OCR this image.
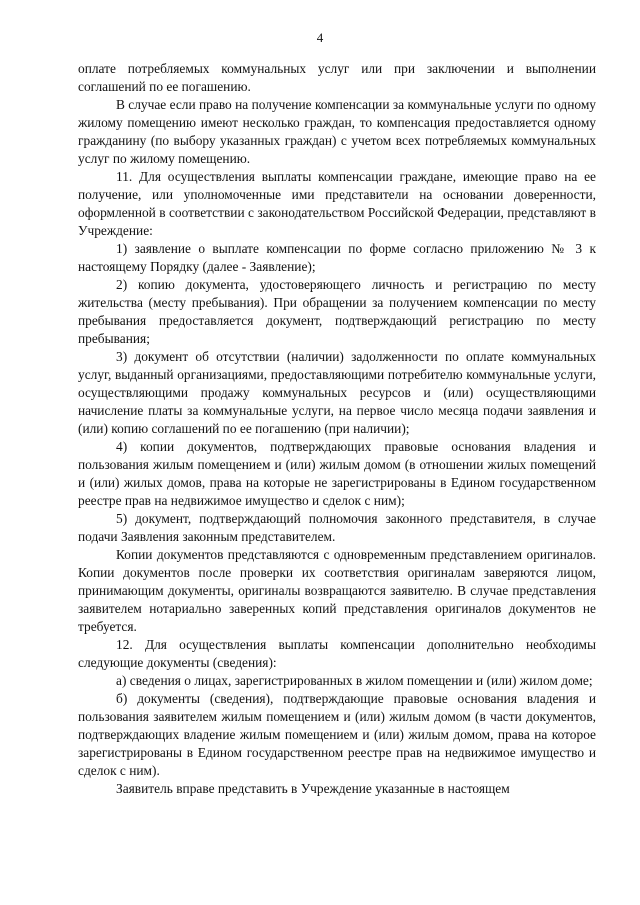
4

оплате потребляемых коммунальных услуг или при заключении и выполнении соглашений по ее погашению.

В случае если право на получение компенсации за коммунальные услуги по одному жилому помещению имеют несколько граждан, то компенсация предоставляется одному гражданину (по выбору указанных граждан) с учетом всех потребляемых коммунальных услуг по жилому помещению.

11. Для осуществления выплаты компенсации граждане, имеющие право на ее получение, или уполномоченные ими представители на основании доверенности, оформленной в соответствии с законодательством Российской Федерации, представляют в Учреждение:

1) заявление о выплате компенсации по форме согласно приложению № 3 к настоящему Порядку (далее - Заявление);

2) копию документа, удостоверяющего личность и регистрацию по месту жительства (месту пребывания). При обращении за получением компенсации по месту пребывания предоставляется документ, подтверждающий регистрацию по месту пребывания;

3) документ об отсутствии (наличии) задолженности по оплате коммунальных услуг, выданный организациями, предоставляющими потребителю коммунальные услуги, осуществляющими продажу коммунальных ресурсов и (или) осуществляющими начисление платы за коммунальные услуги, на первое число месяца подачи заявления и (или) копию соглашений по ее погашению (при наличии);

4) копии документов, подтверждающих правовые основания владения и пользования жилым помещением и (или) жилым домом (в отношении жилых помещений и (или) жилых домов, права на которые не зарегистрированы в Едином государственном реестре прав на недвижимое имущество и сделок с ним);

5) документ, подтверждающий полномочия законного представителя, в случае подачи Заявления законным представителем.

Копии документов представляются с одновременным представлением оригиналов. Копии документов после проверки их соответствия оригиналам заверяются лицом, принимающим документы, оригиналы возвращаются заявителю. В случае представления заявителем нотариально заверенных копий представления оригиналов документов не требуется.

12. Для осуществления выплаты компенсации дополнительно необходимы следующие документы (сведения):

а) сведения о лицах, зарегистрированных в жилом помещении и (или) жилом доме;

б) документы (сведения), подтверждающие правовые основания владения и пользования заявителем жилым помещением и (или) жилым домом (в части документов, подтверждающих владение жилым помещением и (или) жилым домом, права на которое зарегистрированы в Едином государственном реестре прав на недвижимое имущество и сделок с ним).

Заявитель вправе представить в Учреждение указанные в настоящем
